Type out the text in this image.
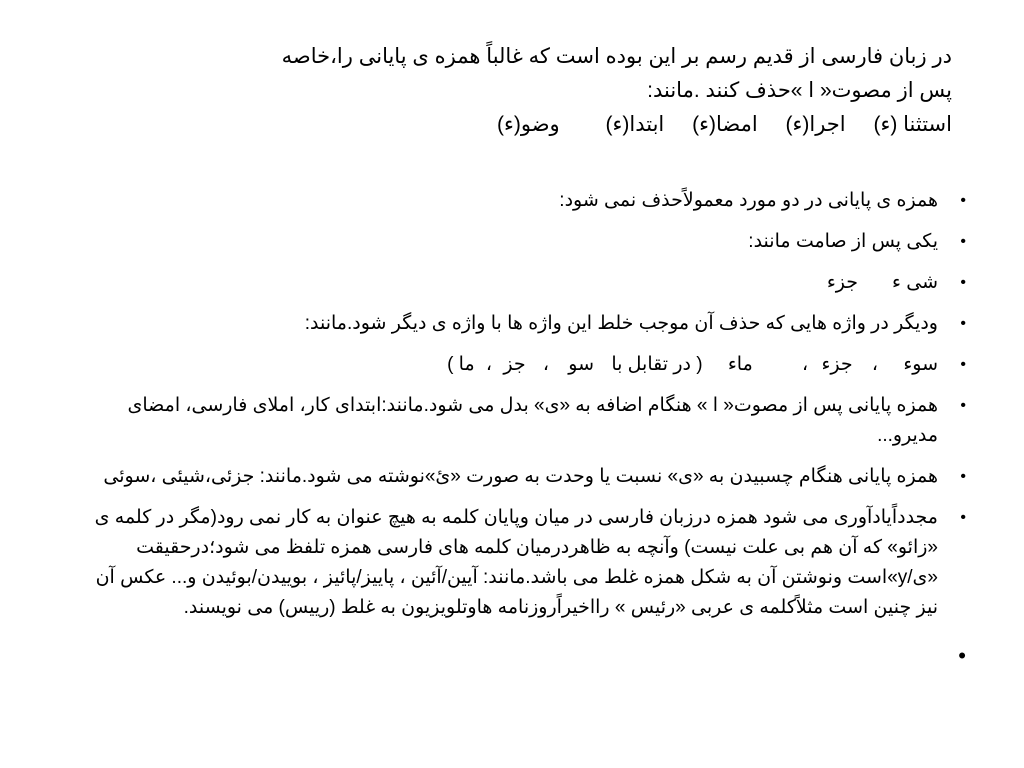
در زبان فارسی از قدیم رسم بر این بوده است که غالباً همزه ی پایانی را،خاصه
پس از مصوت« ا »حذف کنند .مانند:
استثنا (ء) اجرا(ء) امضا(ء) ابتدا(ء) وضو(ء)
•
همزه ی پایانی در دو مورد معمولاًحذف نمی شود:
•
یکی پس از صامت مانند:
•
شی ءجزء
•
ودیگر در واژه هایی که حذف آن موجب خلط این واژه ها با واژه ی دیگر شود.مانند:
•
سوء ، جزء ، ماء ( در تقابل با سو ، جز ، ما )
•
همزه پایانی پس از مصوت« ا » هنگام اضافه به «ی» بدل می شود.مانند:ابتدای کار، املای فارسی، امضای مدیرو...
•
همزه پایانی هنگام چسبیدن به «ی» نسبت یا وحدت به صورت «ئ»نوشته می شود.مانند: جزئی،شیئی ،سوئی
•
مجدداًیادآوری می شود همزه درزبان فارسی در میان وپایان کلمه به هیچ عنوان به کار نمی رود(مگر در کلمه ی «زائو» که آن هم بی علت نیست) وآنچه به ظاهردرمیان کلمه های فارسی همزه تلفظ می شود؛درحقیقت «ی/y»است ونوشتن آن به شکل همزه غلط می باشد.مانند: آیین/آئین ، پاییز/پائیز ، بوییدن/بوئیدن و... عکس آن نیز چنین است مثلاًکلمه ی عربی «رئیس » رااخیراًروزنامه هاوتلویزیون به غلط (رییس) می نویسند.
•
